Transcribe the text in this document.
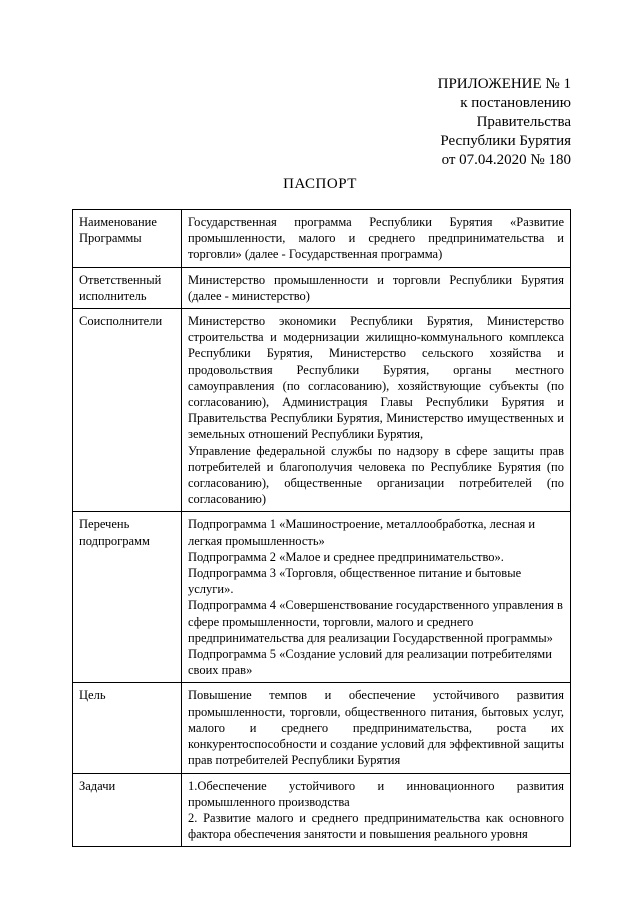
ПРИЛОЖЕНИЕ № 1
к постановлению
Правительства
Республики Бурятия
от 07.04.2020 № 180
ПАСПОРТ
Наименование Программы	Государственная программа Республики Бурятия «Развитие промышленности, малого и среднего предпринимательства и торговли» (далее - Государственная программа)

Ответственный исполнитель	Министерство промышленности и торговли Республики Бурятия (далее - министерство)

Соисполнители	Министерство экономики Республики Бурятия, Министерство строительства и модернизации жилищно-коммунального комплекса Республики Бурятия, Министерство сельского хозяйства и продовольствия Республики Бурятия, органы местного самоуправления (по согласованию), хозяйствующие субъекты (по согласованию), Администрация Главы Республики Бурятия и Правительства Республики Бурятия, Министерство имущественных и земельных отношений Республики Бурятия,
Управление федеральной службы по надзору в сфере защиты прав потребителей и благополучия человека по Республике Бурятия (по согласованию), общественные организации потребителей (по согласованию)

Перечень подпрограмм	Подпрограмма 1 «Машиностроение, металлообработка, лесная и легкая промышленность»
Подпрограмма 2 «Малое и среднее предпринимательство».
Подпрограмма 3 «Торговля, общественное питание и бытовые услуги».
Подпрограмма 4 «Совершенствование государственного управления в сфере промышленности, торговли, малого и среднего предпринимательства для реализации Государственной программы»
Подпрограмма 5 «Создание условий для реализации потребителями своих прав»

Цель	Повышение темпов и обеспечение устойчивого развития промышленности, торговли, общественного питания, бытовых услуг, малого и среднего предпринимательства, роста их конкурентоспособности и создание условий для эффективной защиты прав потребителей Республики Бурятия

Задачи	1.Обеспечение устойчивого и инновационного развития промышленного производства
2. Развитие малого и среднего предпринимательства как основного фактора обеспечения занятости и повышения реального уровня
